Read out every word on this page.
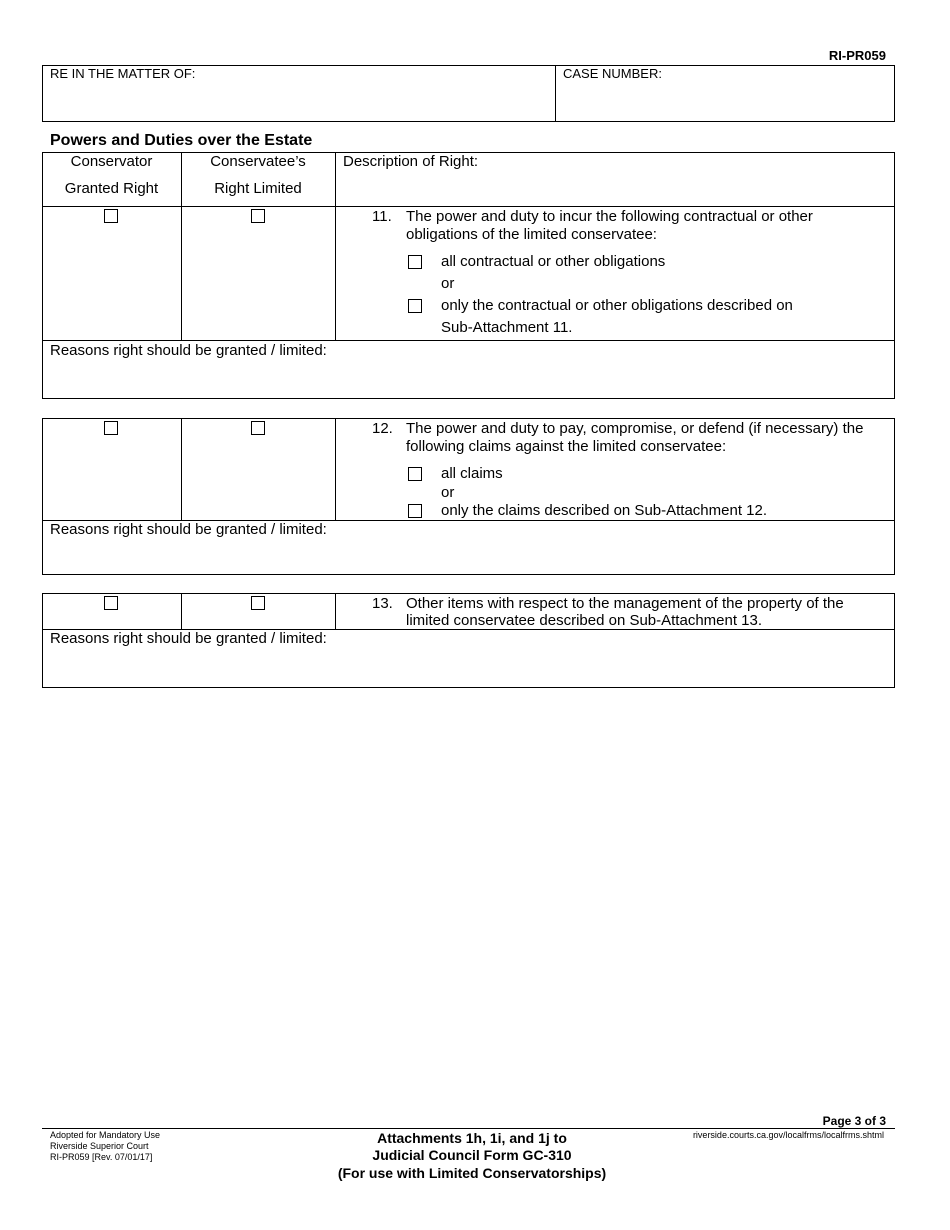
RI-PR059
RE IN THE MATTER OF:	CASE NUMBER:
Powers and Duties over the Estate
Conservator
Granted Right
Conservatee’s
Right Limited
Description of Right:
11. The power and duty to incur the following contractual or other
obligations of the limited conservatee:
all contractual or other obligations
or
only the contractual or other obligations described on
Sub-Attachment 11.
Reasons right should be granted / limited:
12. The power and duty to pay, compromise, or defend (if necessary) the
following claims against the limited conservatee:
all claims
or
only the claims described on Sub-Attachment 12.
Reasons right should be granted / limited:
13. Other items with respect to the management of the property of the
limited conservatee described on Sub-Attachment 13.
Reasons right should be granted / limited:
Page 3 of 3
Adopted for Mandatory Use
Riverside Superior Court
RI-PR059 [Rev. 07/01/17]
Attachments 1h, 1i, and 1j to
Judicial Council Form GC-310
(For use with Limited Conservatorships)
riverside.courts.ca.gov/localfrms/localfrms.shtml
